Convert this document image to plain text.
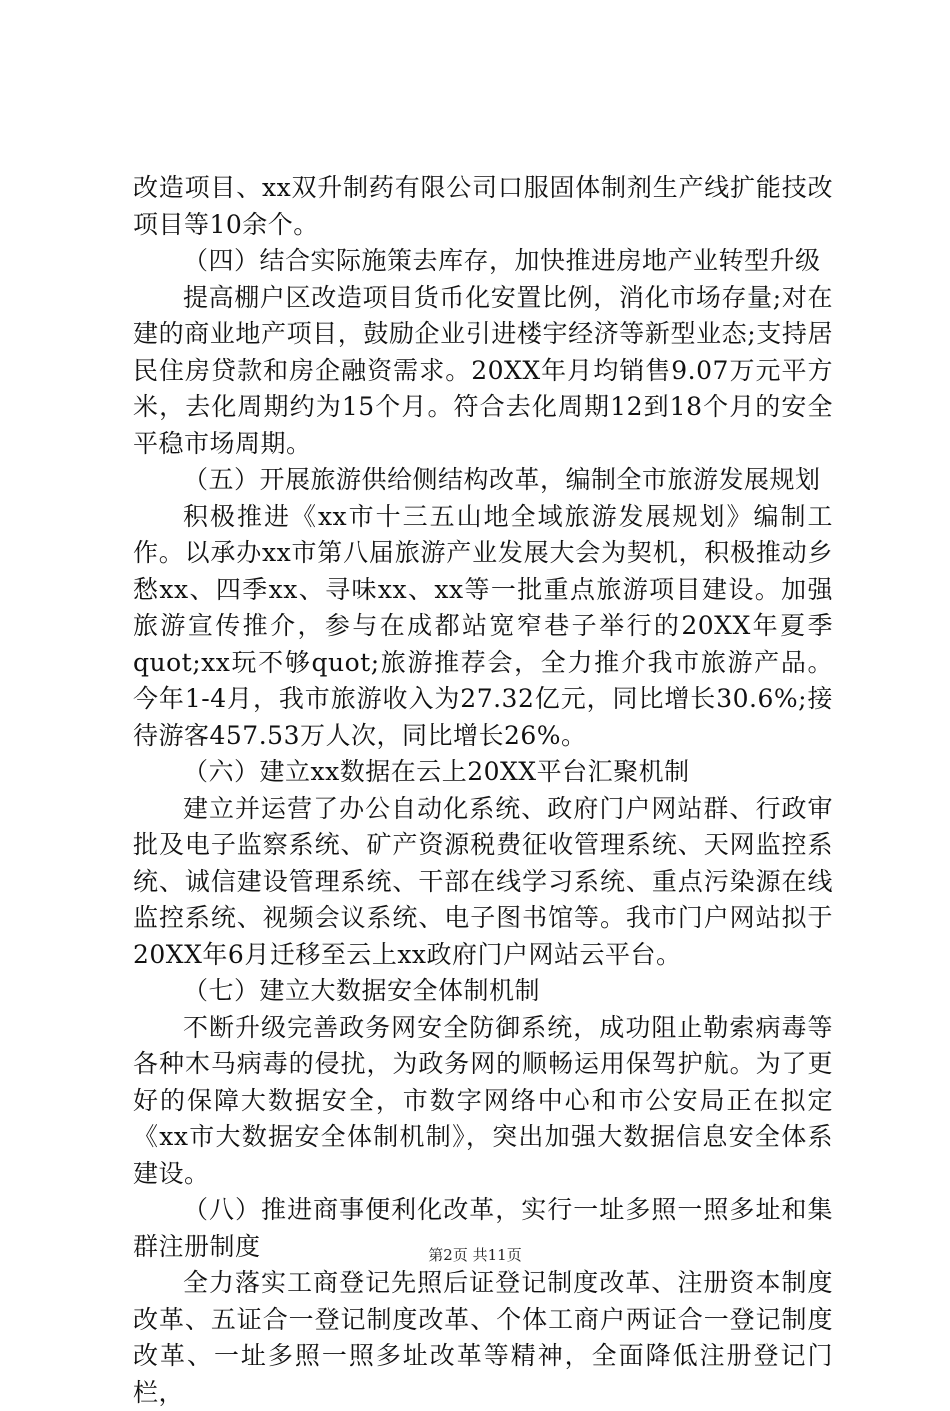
改造项目、xx双升制药有限公司口服固体制剂生产线扩能技改项目等10余个。

（四）结合实际施策去库存，加快推进房地产业转型升级

提高棚户区改造项目货币化安置比例，消化市场存量;对在建的商业地产项目，鼓励企业引进楼宇经济等新型业态;支持居民住房贷款和房企融资需求。20XX年月均销售9.07万元平方米，去化周期约为15个月。符合去化周期12到18个月的安全平稳市场周期。

（五）开展旅游供给侧结构改革，编制全市旅游发展规划

积极推进《xx市十三五山地全域旅游发展规划》编制工作。以承办xx市第八届旅游产业发展大会为契机，积极推动乡愁xx、四季xx、寻味xx、xx等一批重点旅游项目建设。加强旅游宣传推介，参与在成都站宽窄巷子举行的20XX年夏季quot;xx玩不够quot;旅游推荐会，全力推介我市旅游产品。今年1-4月，我市旅游收入为27.32亿元，同比增长30.6%;接待游客457.53万人次，同比增长26%。

（六）建立xx数据在云上20XX平台汇聚机制

建立并运营了办公自动化系统、政府门户网站群、行政审批及电子监察系统、矿产资源税费征收管理系统、天网监控系统、诚信建设管理系统、干部在线学习系统、重点污染源在线监控系统、视频会议系统、电子图书馆等。我市门户网站拟于20XX年6月迁移至云上xx政府门户网站云平台。

（七）建立大数据安全体制机制

不断升级完善政务网安全防御系统，成功阻止勒索病毒等各种木马病毒的侵扰，为政务网的顺畅运用保驾护航。为了更好的保障大数据安全，市数字网络中心和市公安局正在拟定《xx市大数据安全体制机制》，突出加强大数据信息安全体系建设。

（八）推进商事便利化改革，实行一址多照一照多址和集群注册制度

全力落实工商登记先照后证登记制度改革、注册资本制度改革、五证合一登记制度改革、个体工商户两证合一登记制度改革、一址多照一照多址改革等精神，全面降低注册登记门栏，

第2页 共11页
